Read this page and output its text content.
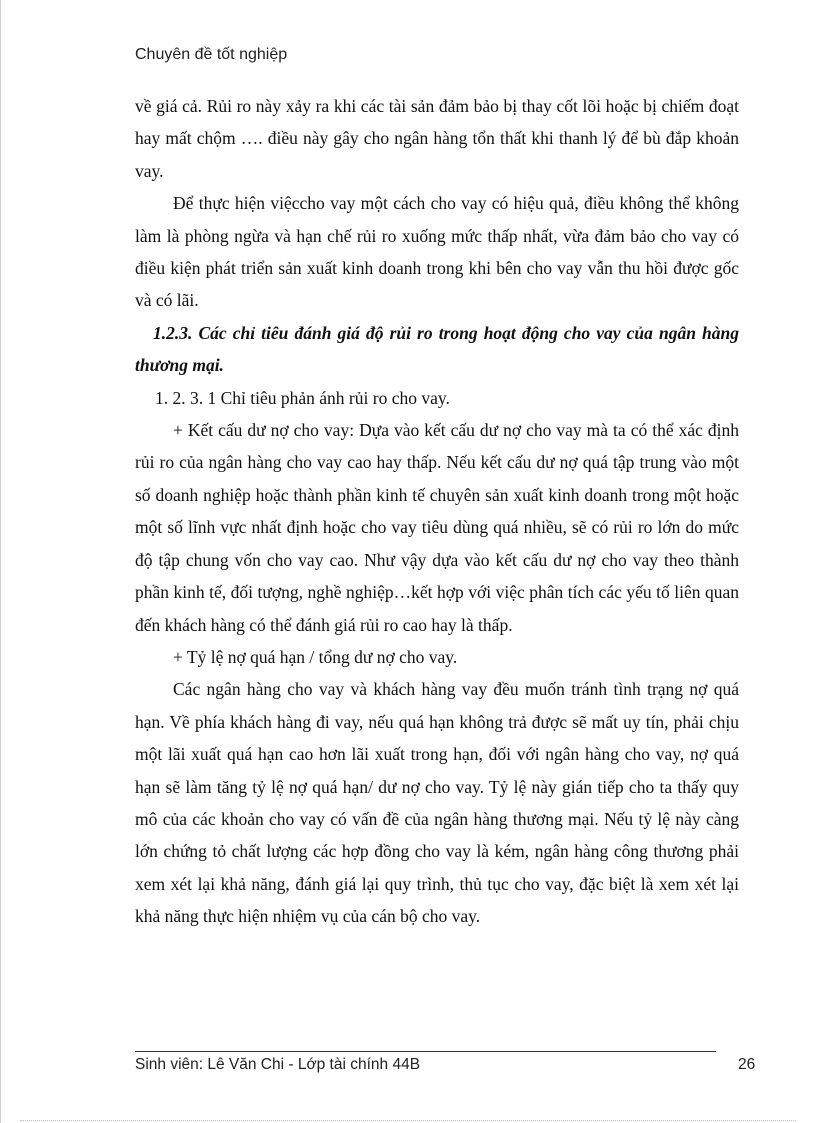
Chuyên đề tốt nghiệp

về giá cả. Rủi ro này xảy ra khi các tài sản đảm bảo bị thay cốt lõi hoặc bị chiếm đoạt hay mất chộm …. điều này gây cho ngân hàng tổn thất khi thanh lý để bù đắp khoản vay.

Để thực hiện việccho vay một cách cho vay có hiệu quả, điều không thể không làm là phòng ngừa và hạn chế rủi ro xuống mức thấp nhất, vừa đảm bảo cho vay có điều kiện phát triển sản xuất kinh doanh trong khi bên cho vay vẫn thu hồi được gốc và có lãi.

1.2.3. Các chỉ tiêu đánh giá độ rủi ro trong hoạt động cho vay của ngân hàng thương mại.

1. 2. 3. 1 Chỉ tiêu phản ánh rủi ro cho vay.

+ Kết cấu dư nợ cho vay: Dựa vào kết cấu dư nợ cho vay mà ta có thể xác định rủi ro của ngân hàng cho vay cao hay thấp. Nếu kết cấu dư nợ quá tập trung vào một số doanh nghiệp hoặc thành phần kinh tế chuyên sản xuất kinh doanh trong một hoặc một số lĩnh vực nhất định hoặc cho vay tiêu dùng quá nhiều, sẽ có rủi ro lớn do mức độ tập chung vốn cho vay cao. Như vậy dựa vào kết cấu dư nợ cho vay theo thành phần kinh tế, đối tượng, nghề nghiệp…kết hợp với việc phân tích các yếu tố liên quan đến khách hàng có thể đánh giá rủi ro cao hay là thấp.

+ Tỷ lệ nợ quá hạn / tổng dư nợ cho vay.

Các ngân hàng cho vay và khách hàng vay đều muốn tránh tình trạng nợ quá hạn. Về phía khách hàng đi vay, nếu quá hạn không trả được sẽ mất uy tín, phải chịu một lãi xuất quá hạn cao hơn lãi xuất trong hạn, đối với ngân hàng cho vay, nợ quá hạn sẽ làm tăng tỷ lệ nợ quá hạn/ dư nợ cho vay. Tỷ lệ này gián tiếp cho ta thấy quy mô của các khoản cho vay có vấn đề của ngân hàng thương mại. Nếu tỷ lệ này càng lớn chứng tỏ chất lượng các hợp đồng cho vay là kém, ngân hàng công thương phải xem xét lại khả năng, đánh giá lại quy trình, thủ tục cho vay, đặc biệt là xem xét lại khả năng thực hiện nhiệm vụ của cán bộ cho vay.

Sinh viên: Lê Văn Chi - Lớp tài chính 44B	26
